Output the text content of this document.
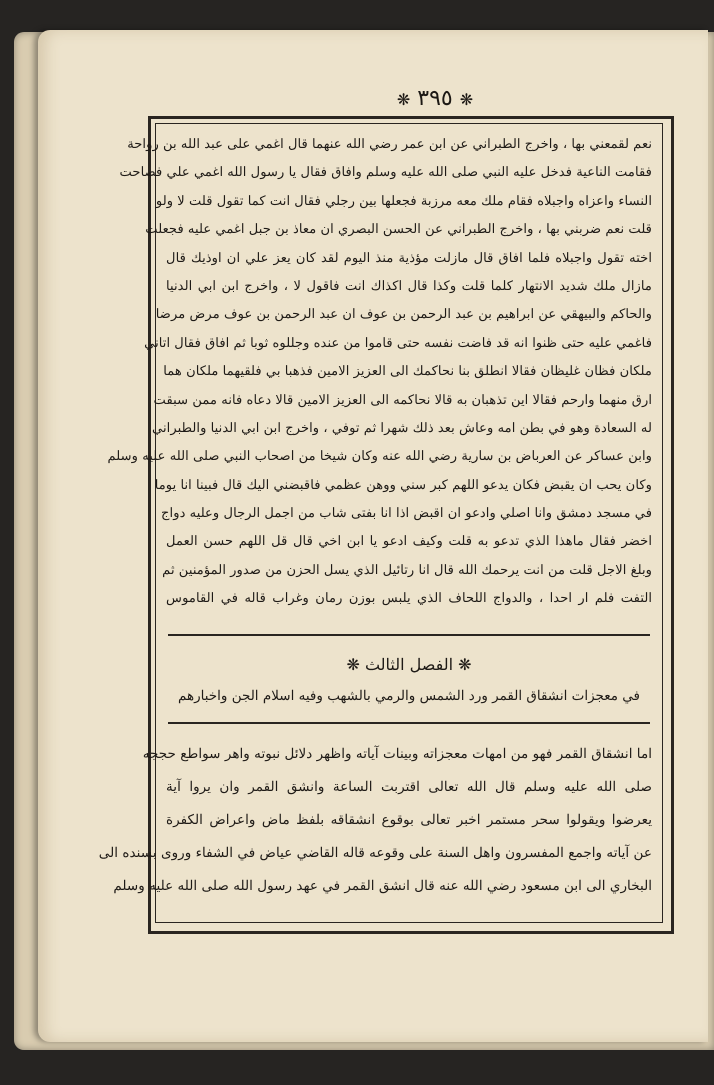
❋ ٣٩٥ ❋
نعم لقمعني بها ، واخرج الطبراني عن ابن عمر رضي الله عنهما قال اغمي على عبد الله بن رواحة
فقامت الناعية فدخل عليه النبي صلى الله عليه وسلم وافاق فقال يا رسول الله اغمي علي فصاحت
النساء واعزاه واجبلاه فقام ملك معه مرزبة فجعلها بين رجلي فقال انت كما تقول قلت لا ولو
قلت نعم ضربني بها ، واخرج الطبراني عن الحسن البصري ان معاذ بن جبل اغمي عليه فجعلت
اخته تقول واجبلاه فلما افاق قال مازلت مؤذية منذ اليوم لقد كان يعز علي ان اوذيك قال
مازال ملك شديد الانتهار كلما قلت وكذا قال اكذاك انت فاقول لا ، واخرج ابن ابي الدنيا
والحاكم والبيهقي عن ابراهيم بن عبد الرحمن بن عوف ان عبد الرحمن بن عوف مرض مرضا
فاغمي عليه حتى ظنوا انه قد فاضت نفسه حتى قاموا من عنده وجللوه ثوبا ثم افاق فقال اتاني
ملكان فظان غليظان فقالا انطلق بنا نحاكمك الى العزيز الامين فذهبا بي فلقيهما ملكان هما
ارق منهما وارحم فقالا اين تذهبان به قالا نحاكمه الى العزيز الامين قالا دعاه فانه ممن سبقت
له السعادة وهو في بطن امه وعاش بعد ذلك شهرا ثم توفي ، واخرج ابن ابي الدنيا والطبراني
وابن عساكر عن العرباض بن سارية رضي الله عنه وكان شيخا من اصحاب النبي صلى الله عليه وسلم
وكان يحب ان يقبض فكان يدعو اللهم كبر سني ووهن عظمي فاقبضني اليك قال فبينا انا يوما
في مسجد دمشق وانا اصلي وادعو ان اقبض اذا انا بفتى شاب من اجمل الرجال وعليه دواج
اخضر فقال ماهذا الذي تدعو به قلت وكيف ادعو يا ابن اخي قال قل اللهم حسن العمل
وبلغ الاجل قلت من انت يرحمك الله قال انا رتائيل الذي يسل الحزن من صدور المؤمنين ثم
التفت فلم ار احدا ، والدواج اللحاف الذي يلبس بوزن رمان وغراب قاله في القاموس
❋ الفصل الثالث ❋
في معجزات انشقاق القمر ورد الشمس والرمي بالشهب وفيه اسلام الجن واخبارهم
اما انشقاق القمر فهو من امهات معجزاته وبينات آياته واظهر دلائل نبوته واهر سواطع حججه
صلى الله عليه وسلم قال الله تعالى اقتربت الساعة وانشق القمر وان يروا آية
يعرضوا ويقولوا سحر مستمر اخبر تعالى بوقوع انشقاقه بلفظ ماض واعراض الكفرة
عن آياته واجمع المفسرون واهل السنة على وقوعه قاله القاضي عياض في الشفاء وروى بسنده الى
البخاري الى ابن مسعود رضي الله عنه قال انشق القمر في عهد رسول الله صلى الله عليه وسلم
